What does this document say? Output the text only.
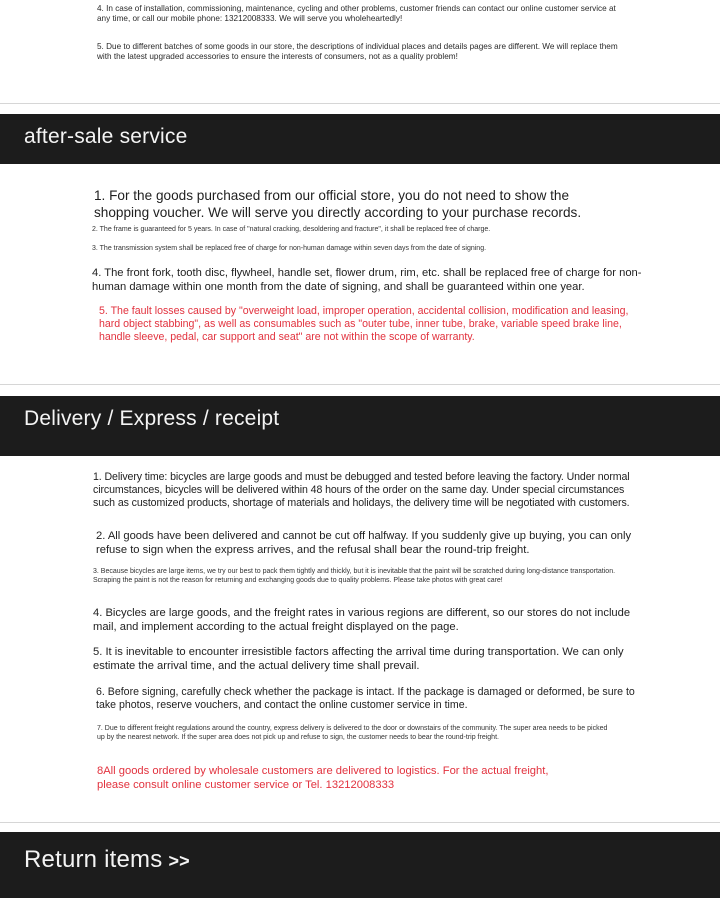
4. In case of installation, commissioning, maintenance, cycling and other problems, customer friends can contact our online customer service at any time, or call our mobile phone: 13212008333. We will serve you wholeheartedly!

5. Due to different batches of some goods in our store, the descriptions of individual places and details pages are different. We will replace them with the latest upgraded accessories to ensure the interests of consumers, not as a quality problem!

after-sale service

1. For the goods purchased from our official store, you do not need to show the shopping voucher. We will serve you directly according to your purchase records.

2. The frame is guaranteed for 5 years. In case of "natural cracking, desoldering and fracture", it shall be replaced free of charge.

3. The transmission system shall be replaced free of charge for non-human damage within seven days from the date of signing.

4. The front fork, tooth disc, flywheel, handle set, flower drum, rim, etc. shall be replaced free of charge for non-human damage within one month from the date of signing, and shall be guaranteed within one year.

5. The fault losses caused by "overweight load, improper operation, accidental collision, modification and leasing, hard object stabbing", as well as consumables such as "outer tube, inner tube, brake, variable speed brake line, handle sleeve, pedal, car support and seat" are not within the scope of warranty.

Delivery / Express / receipt

1. Delivery time: bicycles are large goods and must be debugged and tested before leaving the factory. Under normal circumstances, bicycles will be delivered within 48 hours of the order on the same day. Under special circumstances such as customized products, shortage of materials and holidays, the delivery time will be negotiated with customers.

2. All goods have been delivered and cannot be cut off halfway. If you suddenly give up buying, you can only refuse to sign when the express arrives, and the refusal shall bear the round-trip freight.

3. Because bicycles are large items, we try our best to pack them tightly and thickly, but it is inevitable that the paint will be scratched during long-distance transportation. Scraping the paint is not the reason for returning and exchanging goods due to quality problems. Please take photos with great care!

4. Bicycles are large goods, and the freight rates in various regions are different, so our stores do not include mail, and implement according to the actual freight displayed on the page.

5. It is inevitable to encounter irresistible factors affecting the arrival time during transportation. We can only estimate the arrival time, and the actual delivery time shall prevail.

6. Before signing, carefully check whether the package is intact. If the package is damaged or deformed, be sure to take photos, reserve vouchers, and contact the online customer service in time.

7. Due to different freight regulations around the country, express delivery is delivered to the door or downstairs of the community. The super area needs to be picked up by the nearest network. If the super area does not pick up and refuse to sign, the customer needs to bear the round-trip freight.

8All goods ordered by wholesale customers are delivered to logistics. For the actual freight, please consult online customer service or Tel. 13212008333

Return items >>
